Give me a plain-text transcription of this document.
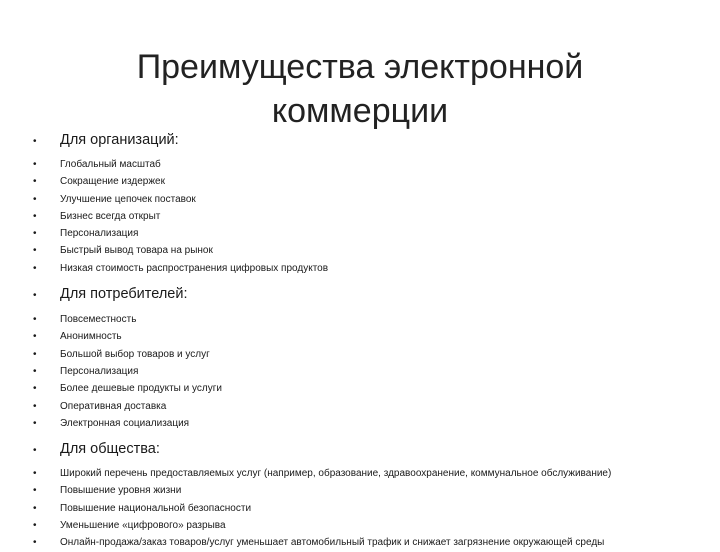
Преимущества электронной
коммерции
• Для организаций:
• Глобальный масштаб
• Сокращение издержек
• Улучшение цепочек поставок
• Бизнес всегда открыт
• Персонализация
• Быстрый вывод товара на рынок
• Низкая стоимость распространения цифровых продуктов
• Для потребителей:
• Повсеместность
• Анонимность
• Большой выбор товаров и услуг
• Персонализация
• Более дешевые продукты и услуги
• Оперативная доставка
• Электронная социализация
• Для общества:
• Широкий перечень предоставляемых услуг (например, образование, здравоохранение, коммунальное обслуживание)
• Повышение уровня жизни
• Повышение национальной безопасности
• Уменьшение «цифрового» разрыва
• Онлайн-продажа/заказ товаров/услуг уменьшает автомобильный трафик и снижает загрязнение окружающей среды
